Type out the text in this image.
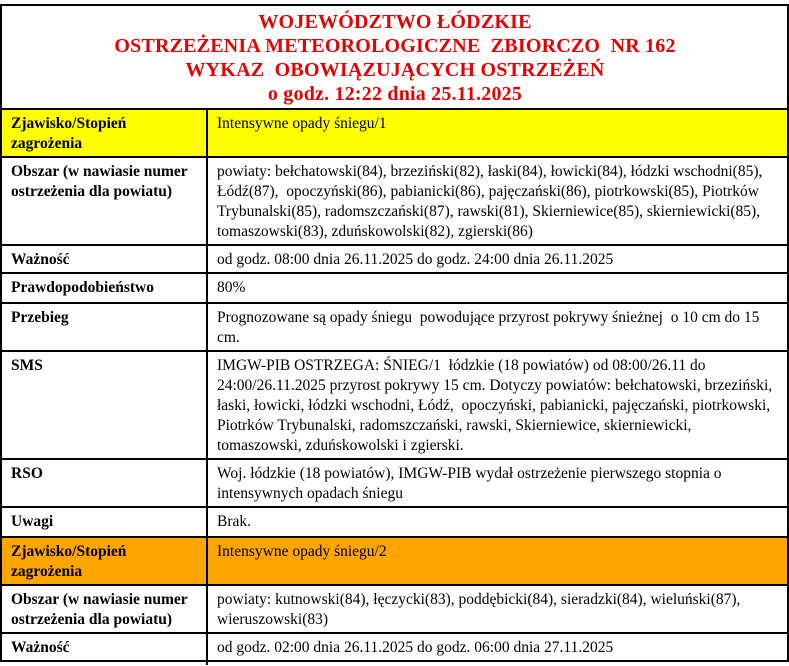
WOJEWÓDZTWO ŁÓDZKIE
OSTRZEŻENIA METEOROLOGICZNE  ZBIORCZO  NR 162
WYKAZ  OBOWIĄZUJĄCYCH OSTRZEŻEŃ
o godz. 12:22 dnia 25.11.2025	

Zjawisko/Stopień zagrożenia	Intensywne opady śniegu/1
Obszar (w nawiasie numer ostrzeżenia dla powiatu)	powiaty: bełchatowski(84), brzeziński(82), łaski(84), łowicki(84), łódzki wschodni(85), Łódź(87),  opoczyński(86), pabianicki(86), pajęczański(86), piotrkowski(85), Piotrków Trybunalski(85), radomszczański(87), rawski(81), Skierniewice(85), skierniewicki(85), tomaszowski(83), zduńskowolski(82), zgierski(86)
Ważność	od godz. 08:00 dnia 26.11.2025 do godz. 24:00 dnia 26.11.2025
Prawdopodobieństwo	80%
Przebieg	Prognozowane są opady śniegu  powodujące przyrost pokrywy śnieżnej  o 10 cm do 15 cm.
SMS	IMGW-PIB OSTRZEGA: ŚNIEG/1  łódzkie (18 powiatów) od 08:00/26.11 do 24:00/26.11.2025 przyrost pokrywy 15 cm. Dotyczy powiatów: bełchatowski, brzeziński, łaski, łowicki, łódzki wschodni, Łódź,  opoczyński, pabianicki, pajęczański, piotrkowski, Piotrków Trybunalski, radomszczański, rawski, Skierniewice, skierniewicki, tomaszowski, zduńskowolski i zgierski.
RSO	Woj. łódzkie (18 powiatów), IMGW-PIB wydał ostrzeżenie pierwszego stopnia o intensywnych opadach śniegu
Uwagi	Brak.
Zjawisko/Stopień zagrożenia	Intensywne opady śniegu/2
Obszar (w nawiasie numer ostrzeżenia dla powiatu)	powiaty: kutnowski(84), łęczycki(83), poddębicki(84), sieradzki(84), wieluński(87), wieruszowski(83)
Ważność	od godz. 02:00 dnia 26.11.2025 do godz. 06:00 dnia 27.11.2025
